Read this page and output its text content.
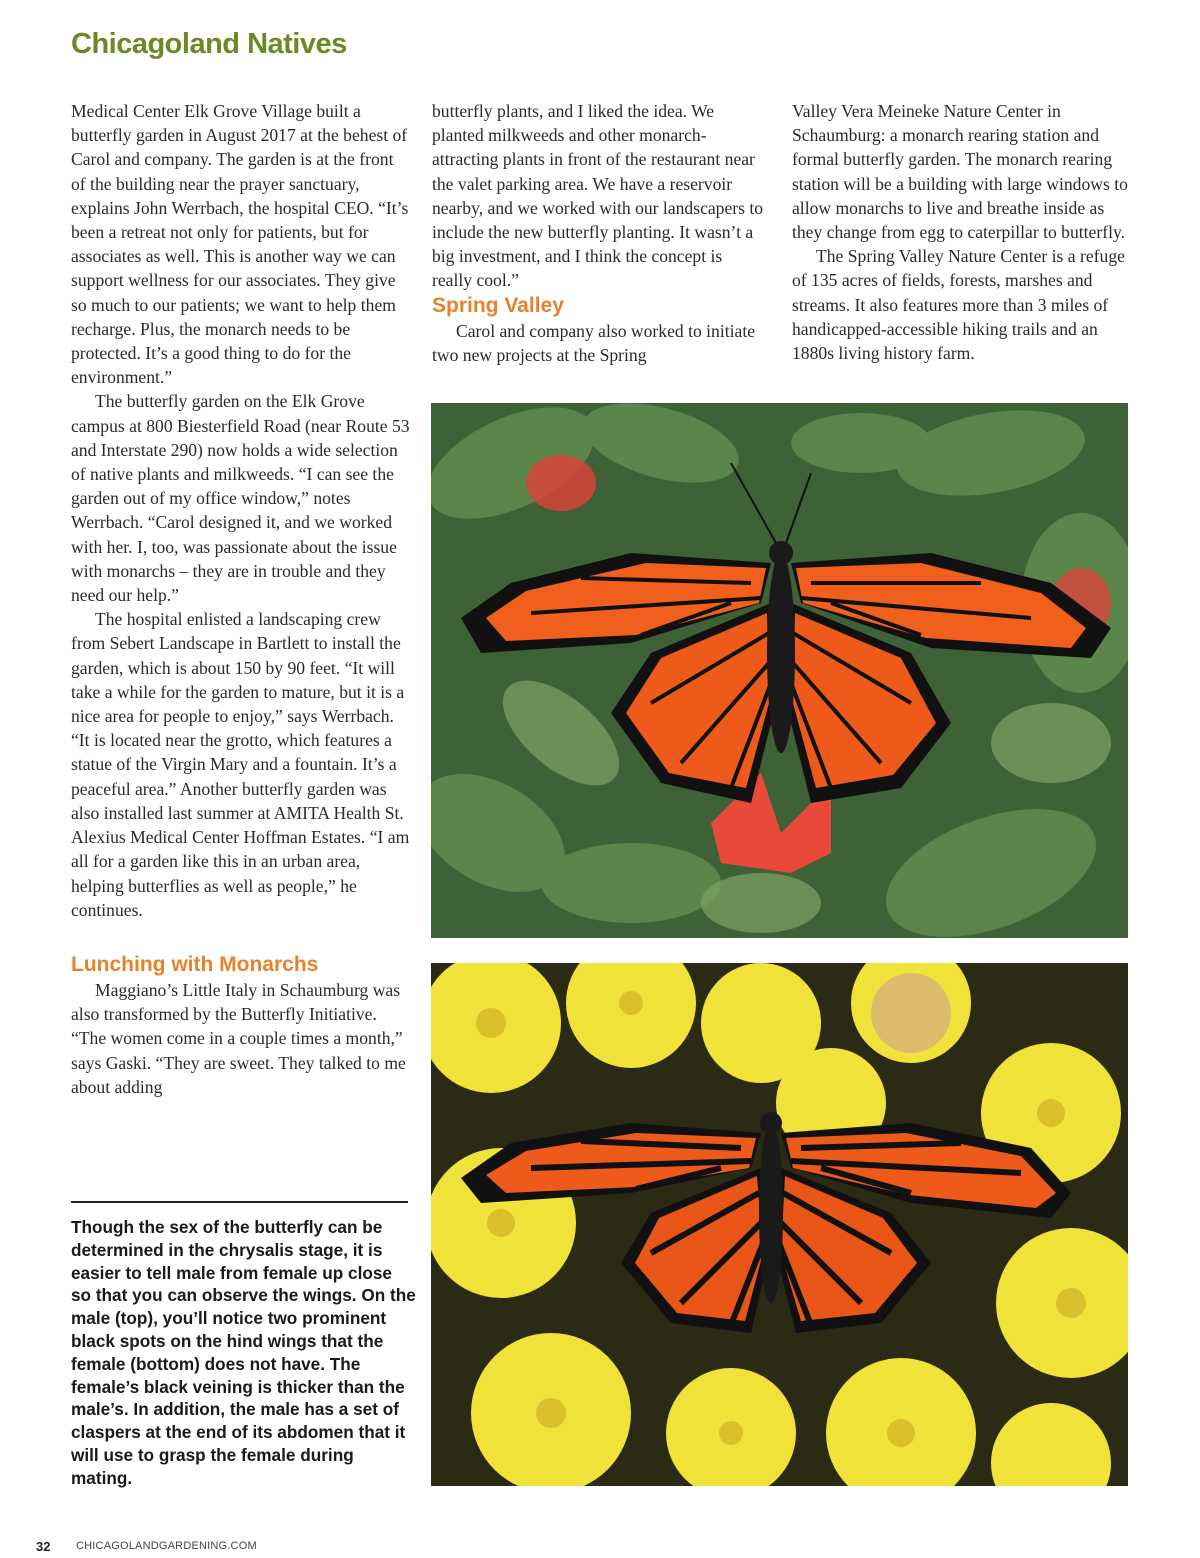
Chicagoland Natives

Medical Center Elk Grove Village built a butterfly garden in August 2017 at the behest of Carol and company. The garden is at the front of the building near the prayer sanctuary, explains John Werrbach, the hospital CEO. “It’s been a retreat not only for patients, but for associates as well. This is another way we can support wellness for our associates. They give so much to our patients; we want to help them recharge. Plus, the monarch needs to be protected. It’s a good thing to do for the environment.”

The butterfly garden on the Elk Grove campus at 800 Biesterfield Road (near Route 53 and Interstate 290) now holds a wide selection of native plants and milkweeds. “I can see the garden out of my office window,” notes Werrbach. “Carol designed it, and we worked with her. I, too, was passionate about the issue with monarchs – they are in trouble and they need our help.”

The hospital enlisted a landscaping crew from Sebert Landscape in Bartlett to install the garden, which is about 150 by 90 feet. “It will take a while for the garden to mature, but it is a nice area for people to enjoy,” says Werrbach. “It is located near the grotto, which features a statue of the Virgin Mary and a fountain. It’s a peaceful area.” Another butterfly garden was also installed last summer at AMITA Health St. Alexius Medical Center Hoffman Estates. “I am all for a garden like this in an urban area, helping butterflies as well as people,” he continues.

Lunching with Monarchs

Maggiano’s Little Italy in Schaumburg was also transformed by the Butterfly Initiative. “The women come in a couple times a month,” says Gaski. “They are sweet. They talked to me about adding

butterfly plants, and I liked the idea. We planted milkweeds and other monarch-attracting plants in front of the restaurant near the valet parking area. We have a reservoir nearby, and we worked with our landscapers to include the new butterfly planting. It wasn’t a big investment, and I think the concept is really cool.”

Spring Valley

Carol and company also worked to initiate two new projects at the Spring

Valley Vera Meineke Nature Center in Schaumburg: a monarch rearing station and formal butterfly garden. The monarch rearing station will be a building with large windows to allow monarchs to live and breathe inside as they change from egg to caterpillar to butterfly.

The Spring Valley Nature Center is a refuge of 135 acres of fields, forests, marshes and streams. It also features more than 3 miles of handicapped-accessible hiking trails and an 1880s living history farm.

Though the sex of the butterfly can be determined in the chrysalis stage, it is easier to tell male from female up close so that you can observe the wings. On the male (top), you’ll notice two prominent black spots on the hind wings that the female (bottom) does not have. The female’s black veining is thicker than the male’s. In addition, the male has a set of claspers at the end of its abdomen that it will use to grasp the female during mating.
32 CHICAGOLANDGARDENING.COM
